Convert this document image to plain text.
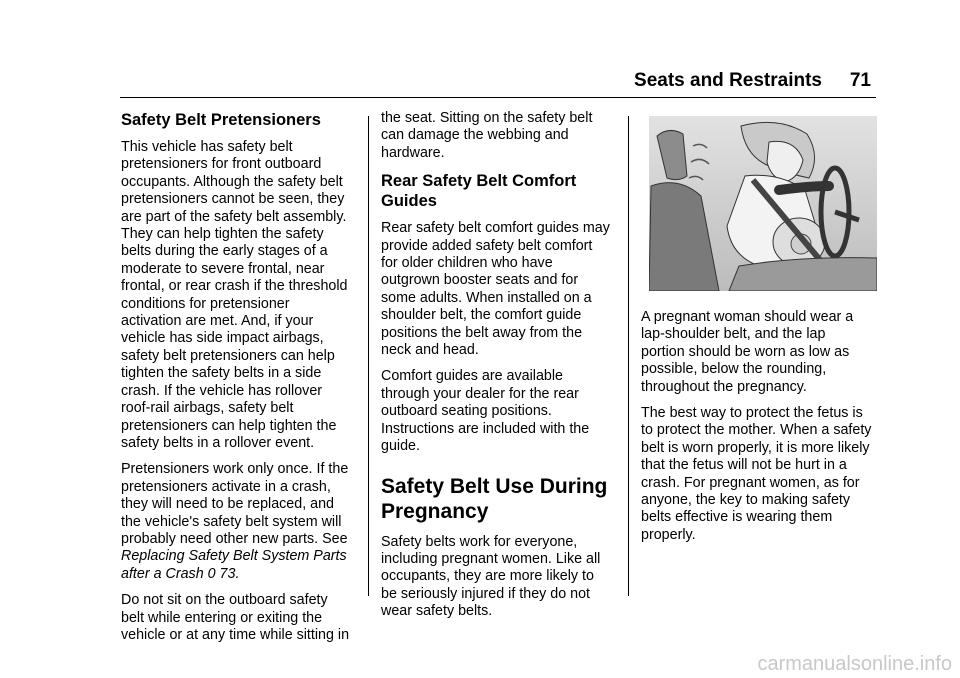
Seats and Restraints 71
Safety Belt Pretensioners

This vehicle has safety belt
pretensioners for front outboard
occupants. Although the safety belt
pretensioners cannot be seen, they
are part of the safety belt assembly.
They can help tighten the safety
belts during the early stages of a
moderate to severe frontal, near
frontal, or rear crash if the threshold
conditions for pretensioner
activation are met. And, if your
vehicle has side impact airbags,
safety belt pretensioners can help
tighten the safety belts in a side
crash. If the vehicle has rollover
roof-rail airbags, safety belt
pretensioners can help tighten the
safety belts in a rollover event.

Pretensioners work only once. If the
pretensioners activate in a crash,
they will need to be replaced, and
the vehicle's safety belt system will
probably need other new parts. See
Replacing Safety Belt System Parts
after a Crash 0 73.

Do not sit on the outboard safety
belt while entering or exiting the
vehicle or at any time while sitting in

the seat. Sitting on the safety belt
can damage the webbing and
hardware.

Rear Safety Belt Comfort
Guides

Rear safety belt comfort guides may
provide added safety belt comfort
for older children who have
outgrown booster seats and for
some adults. When installed on a
shoulder belt, the comfort guide
positions the belt away from the
neck and head.

Comfort guides are available
through your dealer for the rear
outboard seating positions.
Instructions are included with the
guide.

Safety Belt Use During
Pregnancy

Safety belts work for everyone,
including pregnant women. Like all
occupants, they are more likely to
be seriously injured if they do not
wear safety belts.

A pregnant woman should wear a
lap-shoulder belt, and the lap
portion should be worn as low as
possible, below the rounding,
throughout the pregnancy.

The best way to protect the fetus is
to protect the mother. When a safety
belt is worn properly, it is more likely
that the fetus will not be hurt in a
crash. For pregnant women, as for
anyone, the key to making safety
belts effective is wearing them
properly.

carmanualsonline.info
